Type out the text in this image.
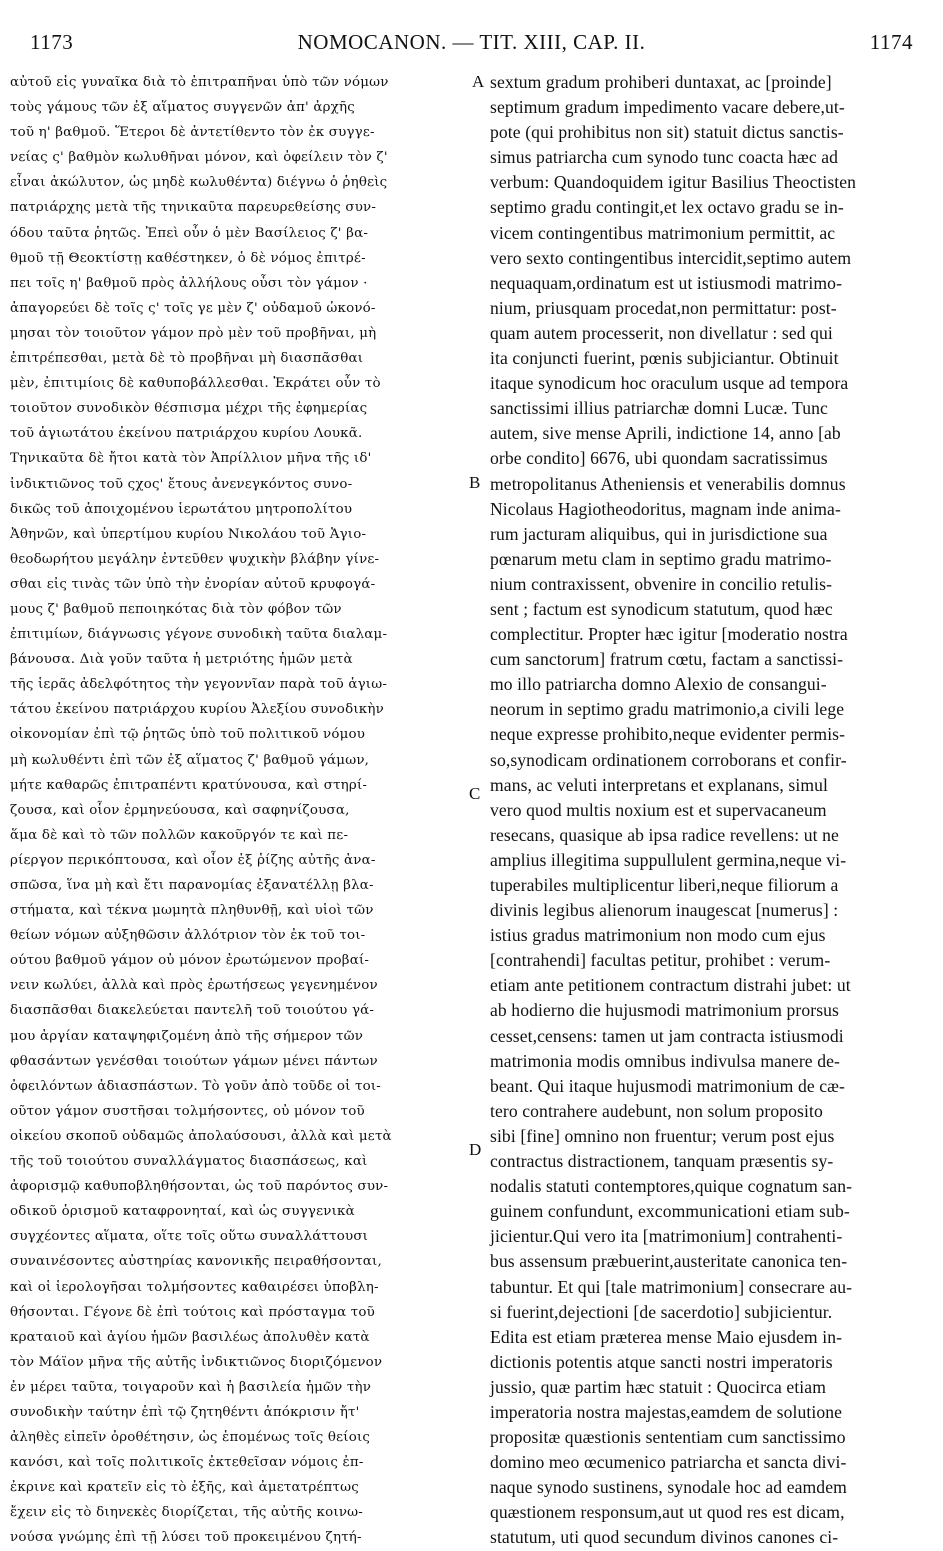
1173	NOMOCANON. — TIT. XIII, CAP. II.	1174
αὐτοῦ εἰς γυναῖκα διὰ τὸ ἐπιτραπῆναι ὑπὸ τῶν νόμων
τοὺς γάμους τῶν ἐξ αἵματος συγγενῶν ἀπ' ἀρχῆς
τοῦ η' βαθμοῦ. Ἕτεροι δὲ ἀντετίθεντο τὸν ἐκ συγγε-
νείας ς' βαθμὸν κωλυθῆναι μόνον, καὶ ὀφείλειν τὸν ζ'
εἶναι ἀκώλυτον, ὡς μηδὲ κωλυθέντα) διέγνω ὁ ῥηθεὶς
πατριάρχης μετὰ τῆς τηνικαῦτα παρευρεθείσης συν-
όδου ταῦτα ῥητῶς. Ἐπεὶ οὖν ὁ μὲν Βασίλειος ζ' βα-
θμοῦ τῇ Θεοκτίστῃ καθέστηκεν, ὁ δὲ νόμος ἐπιτρέ-
πει τοῖς η' βαθμοῦ πρὸς ἀλλήλους οὖσι τὸν γάμον ·
ἀπαγορεύει δὲ τοῖς ς' τοῖς γε μὲν ζ' οὐδαμοῦ ὠκονό-
μησαι τὸν τοιοῦτον γάμον πρὸ μὲν τοῦ προβῆναι, μὴ
ἐπιτρέπεσθαι, μετὰ δὲ τὸ προβῆναι μὴ διασπᾶσθαι
μὲν, ἐπιτιμίοις δὲ καθυποβάλλεσθαι. Ἐκράτει οὖν τὸ
τοιοῦτον συνοδικὸν θέσπισμα μέχρι τῆς ἐφημερίας
τοῦ ἁγιωτάτου ἐκείνου πατριάρχου κυρίου Λουκᾶ.
Τηνικαῦτα δὲ ἤτοι κατὰ τὸν Ἀπρίλλιον μῆνα τῆς ιδ'
ἰνδικτιῶνος τοῦ ςχος' ἔτους ἀνενεγκόντος συνο-
δικῶς τοῦ ἀποιχομένου ἱερωτάτου μητροπολίτου
Ἀθηνῶν, καὶ ὑπερτίμου κυρίου Νικολάου τοῦ Ἁγιο-
θεοδωρήτου μεγάλην ἐντεῦθεν ψυχικὴν βλάβην γίνε-
σθαι εἰς τινὰς τῶν ὑπὸ τὴν ἐνορίαν αὐτοῦ κρυφογά-
μους ζ' βαθμοῦ πεποιηκότας διὰ τὸν φόβον τῶν
ἐπιτιμίων, διάγνωσις γέγονε συνοδικὴ ταῦτα διαλαμ-
βάνουσα. Διὰ γοῦν ταῦτα ἡ μετριότης ἡμῶν μετὰ
τῆς ἱερᾶς ἀδελφότητος τὴν γεγοννῖαν παρὰ τοῦ ἁγιω-
τάτου ἐκείνου πατριάρχου κυρίου Ἀλεξίου συνοδικὴν
οἰκονομίαν ἐπὶ τῷ ῥητῶς ὑπὸ τοῦ πολιτικοῦ νόμου
μὴ κωλυθέντι ἐπὶ τῶν ἐξ αἵματος ζ' βαθμοῦ γάμων,
μήτε καθαρῶς ἐπιτραπέντι κρατύνουσα, καὶ στηρί-
ζουσα, καὶ οἷον ἑρμηνεύουσα, καὶ σαφηνίζουσα,
ἅμα δὲ καὶ τὸ τῶν πολλῶν κακοῦργόν τε καὶ πε-
ρίεργον περικόπτουσα, καὶ οἷον ἐξ ῥίζης αὐτῆς ἀνα-
σπῶσα, ἵνα μὴ καὶ ἔτι παρανομίας ἐξανατέλλῃ βλα-
στήματα, καὶ τέκνα μωμητὰ πληθυνθῇ, καὶ υἱοὶ τῶν
θείων νόμων αὐξηθῶσιν ἀλλότριον τὸν ἐκ τοῦ τοι-
ούτου βαθμοῦ γάμον οὐ μόνον ἐρωτώμενον προβαί-
νειν κωλύει, ἀλλὰ καὶ πρὸς ἐρωτήσεως γεγενημένον
διασπᾶσθαι διακελεύεται παντελῆ τοῦ τοιούτου γά-
μου ἀργίαν καταψηφιζομένη ἀπὸ τῆς σήμερον τῶν
φθασάντων γενέσθαι τοιούτων γάμων μένει πάντων
ὀφειλόντων ἀδιασπάστων. Τὸ γοῦν ἀπὸ τοῦδε οἱ τοι-
οῦτον γάμον συστῆσαι τολμήσοντες, οὐ μόνον τοῦ
οἰκείου σκοποῦ οὐδαμῶς ἀπολαύσουσι, ἀλλὰ καὶ μετὰ
τῆς τοῦ τοιούτου συναλλάγματος διασπάσεως, καὶ
ἀφορισμῷ καθυποβληθήσονται, ὡς τοῦ παρόντος συν-
οδικοῦ ὁρισμοῦ καταφρονηταί, καὶ ὡς συγγενικὰ
συγχέοντες αἵματα, οἵτε τοῖς οὕτω συναλλάττουσι
συναινέσοντες αὐστηρίας κανονικῆς πειραθήσονται,
καὶ οἱ ἱερολογῆσαι τολμήσοντες καθαιρέσει ὑποβλη-
θήσονται. Γέγονε δὲ ἐπὶ τούτοις καὶ πρόσταγμα τοῦ
κραταιοῦ καὶ ἁγίου ἡμῶν βασιλέως ἀπολυθὲν κατὰ
τὸν Μάϊον μῆνα τῆς αὐτῆς ἰνδικτιῶνος διοριζόμενον
ἐν μέρει ταῦτα, τοιγαροῦν καὶ ἡ βασιλεία ἡμῶν τὴν
συνοδικὴν ταύτην ἐπὶ τῷ ζητηθέντι ἀπόκρισιν ἤτ'
ἀληθὲς εἰπεῖν ὀροθέτησιν, ὡς ἑπομένως τοῖς θείοις
κανόσι, καὶ τοῖς πολιτικοῖς ἐκτεθεῖσαν νόμοις ἐπ-
ἐκρινε καὶ κρατεῖν εἰς τὸ ἑξῆς, καὶ ἀμετατρέπτως
ἔχειν εἰς τὸ διηνεκὲς διορίζεται, τῆς αὐτῆς κοινω-
νούσα γνώμης ἐπὶ τῇ λύσει τοῦ προκειμένου ζητή-
sextum gradum prohiberi duntaxat, ac [proinde]
septimum gradum impedimento vacare debere,ut-
pote (qui prohibitus non sit) statuit dictus sanctis-
simus patriarcha cum synodo tunc coacta hæc ad
verbum: Quandoquidem igitur Basilius Theoctisten
septimo gradu contingit,et lex octavo gradu se in-
vicem contingentibus matrimonium permittit, ac
vero sexto contingentibus intercidit,septimo autem
nequaquam,ordinatum est ut istiusmodi matrimo-
nium, priusquam procedat,non permittatur: post-
quam autem processerit, non divellatur : sed qui
ita conjuncti fuerint, pœnis subjiciantur. Obtinuit
itaque synodicum hoc oraculum usque ad tempora
sanctissimi illius patriarchæ domni Lucæ. Tunc
autem, sive mense Aprili, indictione 14, anno [ab
orbe condito] 6676, ubi quondam sacratissimus
metropolitanus Atheniensis et venerabilis domnus
Nicolaus Hagiotheodoritus, magnam inde anima-
rum jacturam aliquibus, qui in jurisdictione sua
pœnarum metu clam in septimo gradu matrimo-
nium contraxissent, obvenire in concilio retulis-
sent ; factum est synodicum statutum, quod hæc
complectitur. Propter hæc igitur [moderatio nostra
cum sanctorum] fratrum cœtu, factam a sanctissi-
mo illo patriarcha domno Alexio de consangui-
neorum in septimo gradu matrimonio,a civili lege
neque expresse prohibito,neque evidenter permis-
so,synodicam ordinationem corroborans et confir-
mans, ac veluti interpretans et explanans, simul
vero quod multis noxium est et supervacaneum
resecans, quasique ab ipsa radice revellens: ut ne
amplius illegitima suppullulent germina,neque vi-
tuperabiles multiplicentur liberi,neque filiorum a
divinis legibus alienorum inaugescat [numerus] :
istius gradus matrimonium non modo cum ejus
[contrahendi] facultas petitur, prohibet : verum-
etiam ante petitionem contractum distrahi jubet: ut
ab hodierno die hujusmodi matrimonium prorsus
cesset,censens: tamen ut jam contracta istiusmodi
matrimonia modis omnibus indivulsa manere de-
beant. Qui itaque hujusmodi matrimonium de cæ-
tero contrahere audebunt, non solum proposito
sibi [fine] omnino non fruentur; verum post ejus
contractus distractionem, tanquam præsentis sy-
nodalis statuti contemptores,quique cognatum san-
guinem confundunt, excommunicationi etiam sub-
jicientur.Qui vero ita [matrimonium] contrahenti-
bus assensum præbuerint,austeritate canonica ten-
tabuntur. Et qui [tale matrimonium] consecrare au-
si fuerint,dejectioni [de sacerdotio] subjicientur.
Edita est etiam præterea mense Maio ejusdem in-
dictionis potentis atque sancti nostri imperatoris
jussio, quæ partim hæc statuit : Quocirca etiam
imperatoria nostra majestas,eamdem de solutione
propositæ quæstionis sententiam cum sanctissimo
domino meo œcumenico patriarcha et sancta divi-
naque synodo sustinens, synodale hoc ad eamdem
quæstionem responsum,aut ut quod res est dicam,
statutum, uti quod secundum divinos canones ci-
A
B
C
D
